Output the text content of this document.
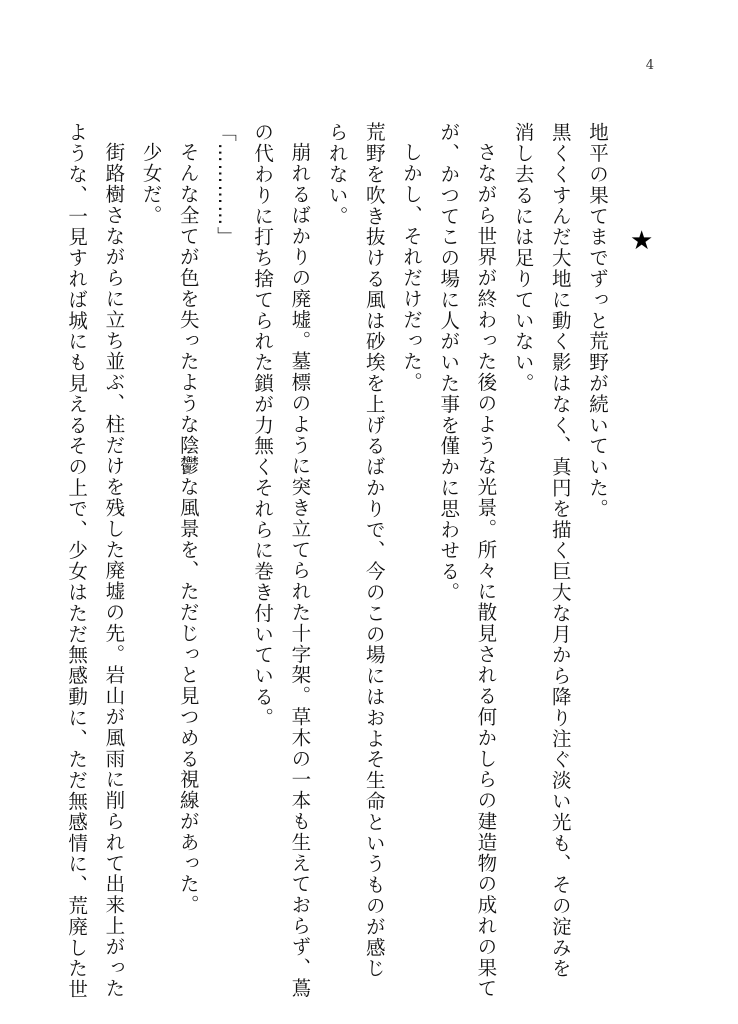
4
★
地平の果てまでずっと荒野が続いていた。
黒くくすんだ大地に動く影はなく、真円を描く巨大な月から降り注ぐ淡い光も、その淀みを
消し去るには足りていない。
さながら世界が終わった後のような光景。所々に散見される何かしらの建造物の成れの果て
が、かつてこの場に人がいた事を僅かに思わせる。
しかし、それだけだった。
荒野を吹き抜ける風は砂埃を上げるばかりで、今のこの場にはおよそ生命というものが感じ
られない。
崩れるばかりの廃墟。墓標のように突き立てられた十字架。草木の一本も生えておらず、蔦
の代わりに打ち捨てられた鎖が力無くそれらに巻き付いている。
「…………」
そんな全てが色を失ったような陰鬱な風景を、ただじっと見つめる視線があった。
少女だ。
街路樹さながらに立ち並ぶ、柱だけを残した廃墟の先。岩山が風雨に削られて出来上がった
ような、一見すれば城にも見えるその上で、少女はただ無感動に、ただ無感情に、荒廃した世
